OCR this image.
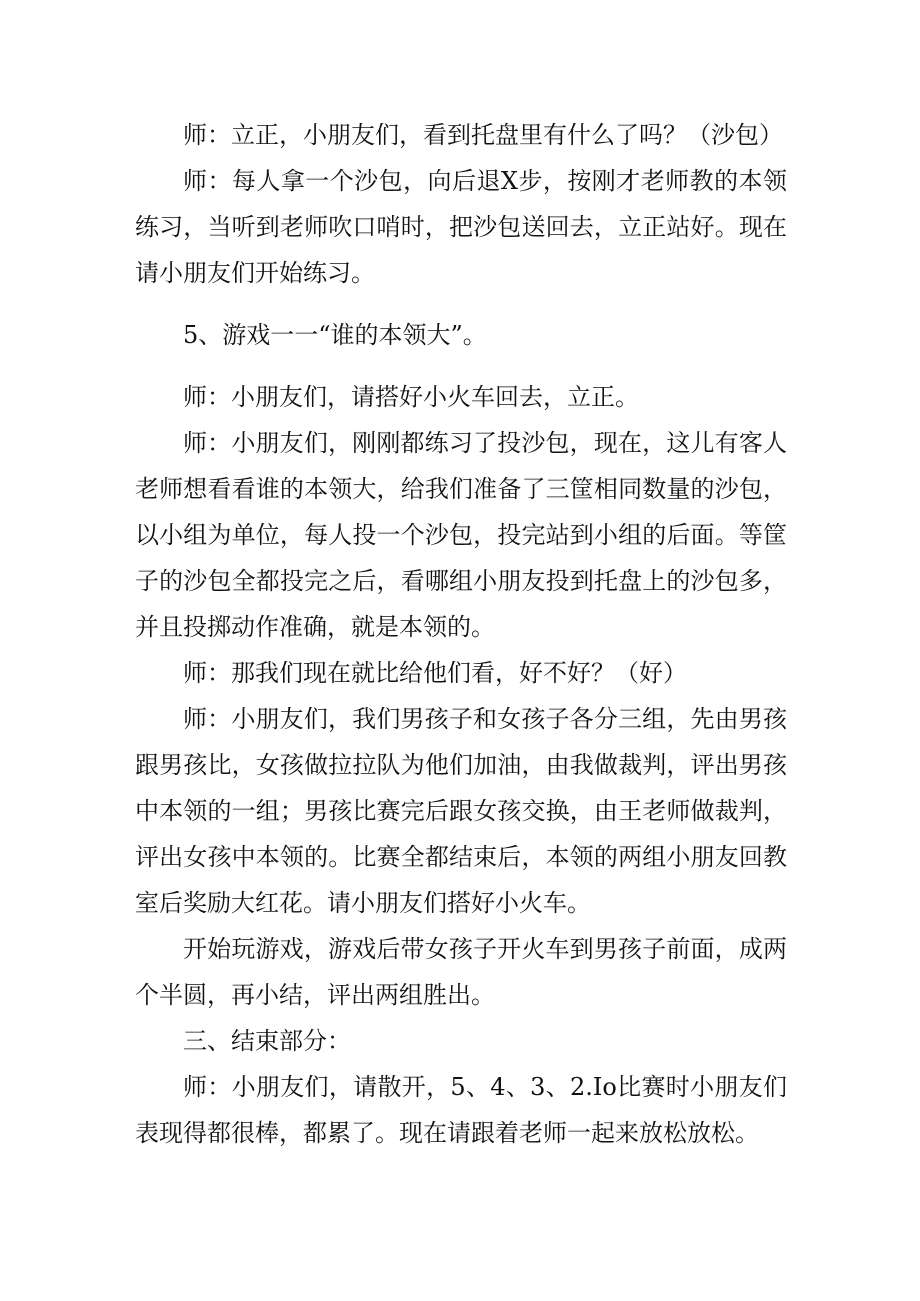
师：立正，小朋友们，看到托盘里有什么了吗？（沙包）

师：每人拿一个沙包，向后退X步，按刚才老师教的本领练习，当听到老师吹口哨时，把沙包送回去，立正站好。现在请小朋友们开始练习。

5、游戏一一“谁的本领大”。

师：小朋友们，请搭好小火车回去，立正。

师：小朋友们，刚刚都练习了投沙包，现在，这儿有客人老师想看看谁的本领大，给我们准备了三筐相同数量的沙包，以小组为单位，每人投一个沙包，投完站到小组的后面。等筐子的沙包全都投完之后，看哪组小朋友投到托盘上的沙包多，并且投掷动作准确，就是本领的。

师：那我们现在就比给他们看，好不好？（好）

师：小朋友们，我们男孩子和女孩子各分三组，先由男孩跟男孩比，女孩做拉拉队为他们加油，由我做裁判，评出男孩中本领的一组；男孩比赛完后跟女孩交换，由王老师做裁判，评出女孩中本领的。比赛全都结束后，本领的两组小朋友回教室后奖励大红花。请小朋友们搭好小火车。

开始玩游戏，游戏后带女孩子开火车到男孩子前面，成两个半圆，再小结，评出两组胜出。

三、结束部分：

师：小朋友们，请散开，5、4、3、2.Io比赛时小朋友们表现得都很棒，都累了。现在请跟着老师一起来放松放松。
